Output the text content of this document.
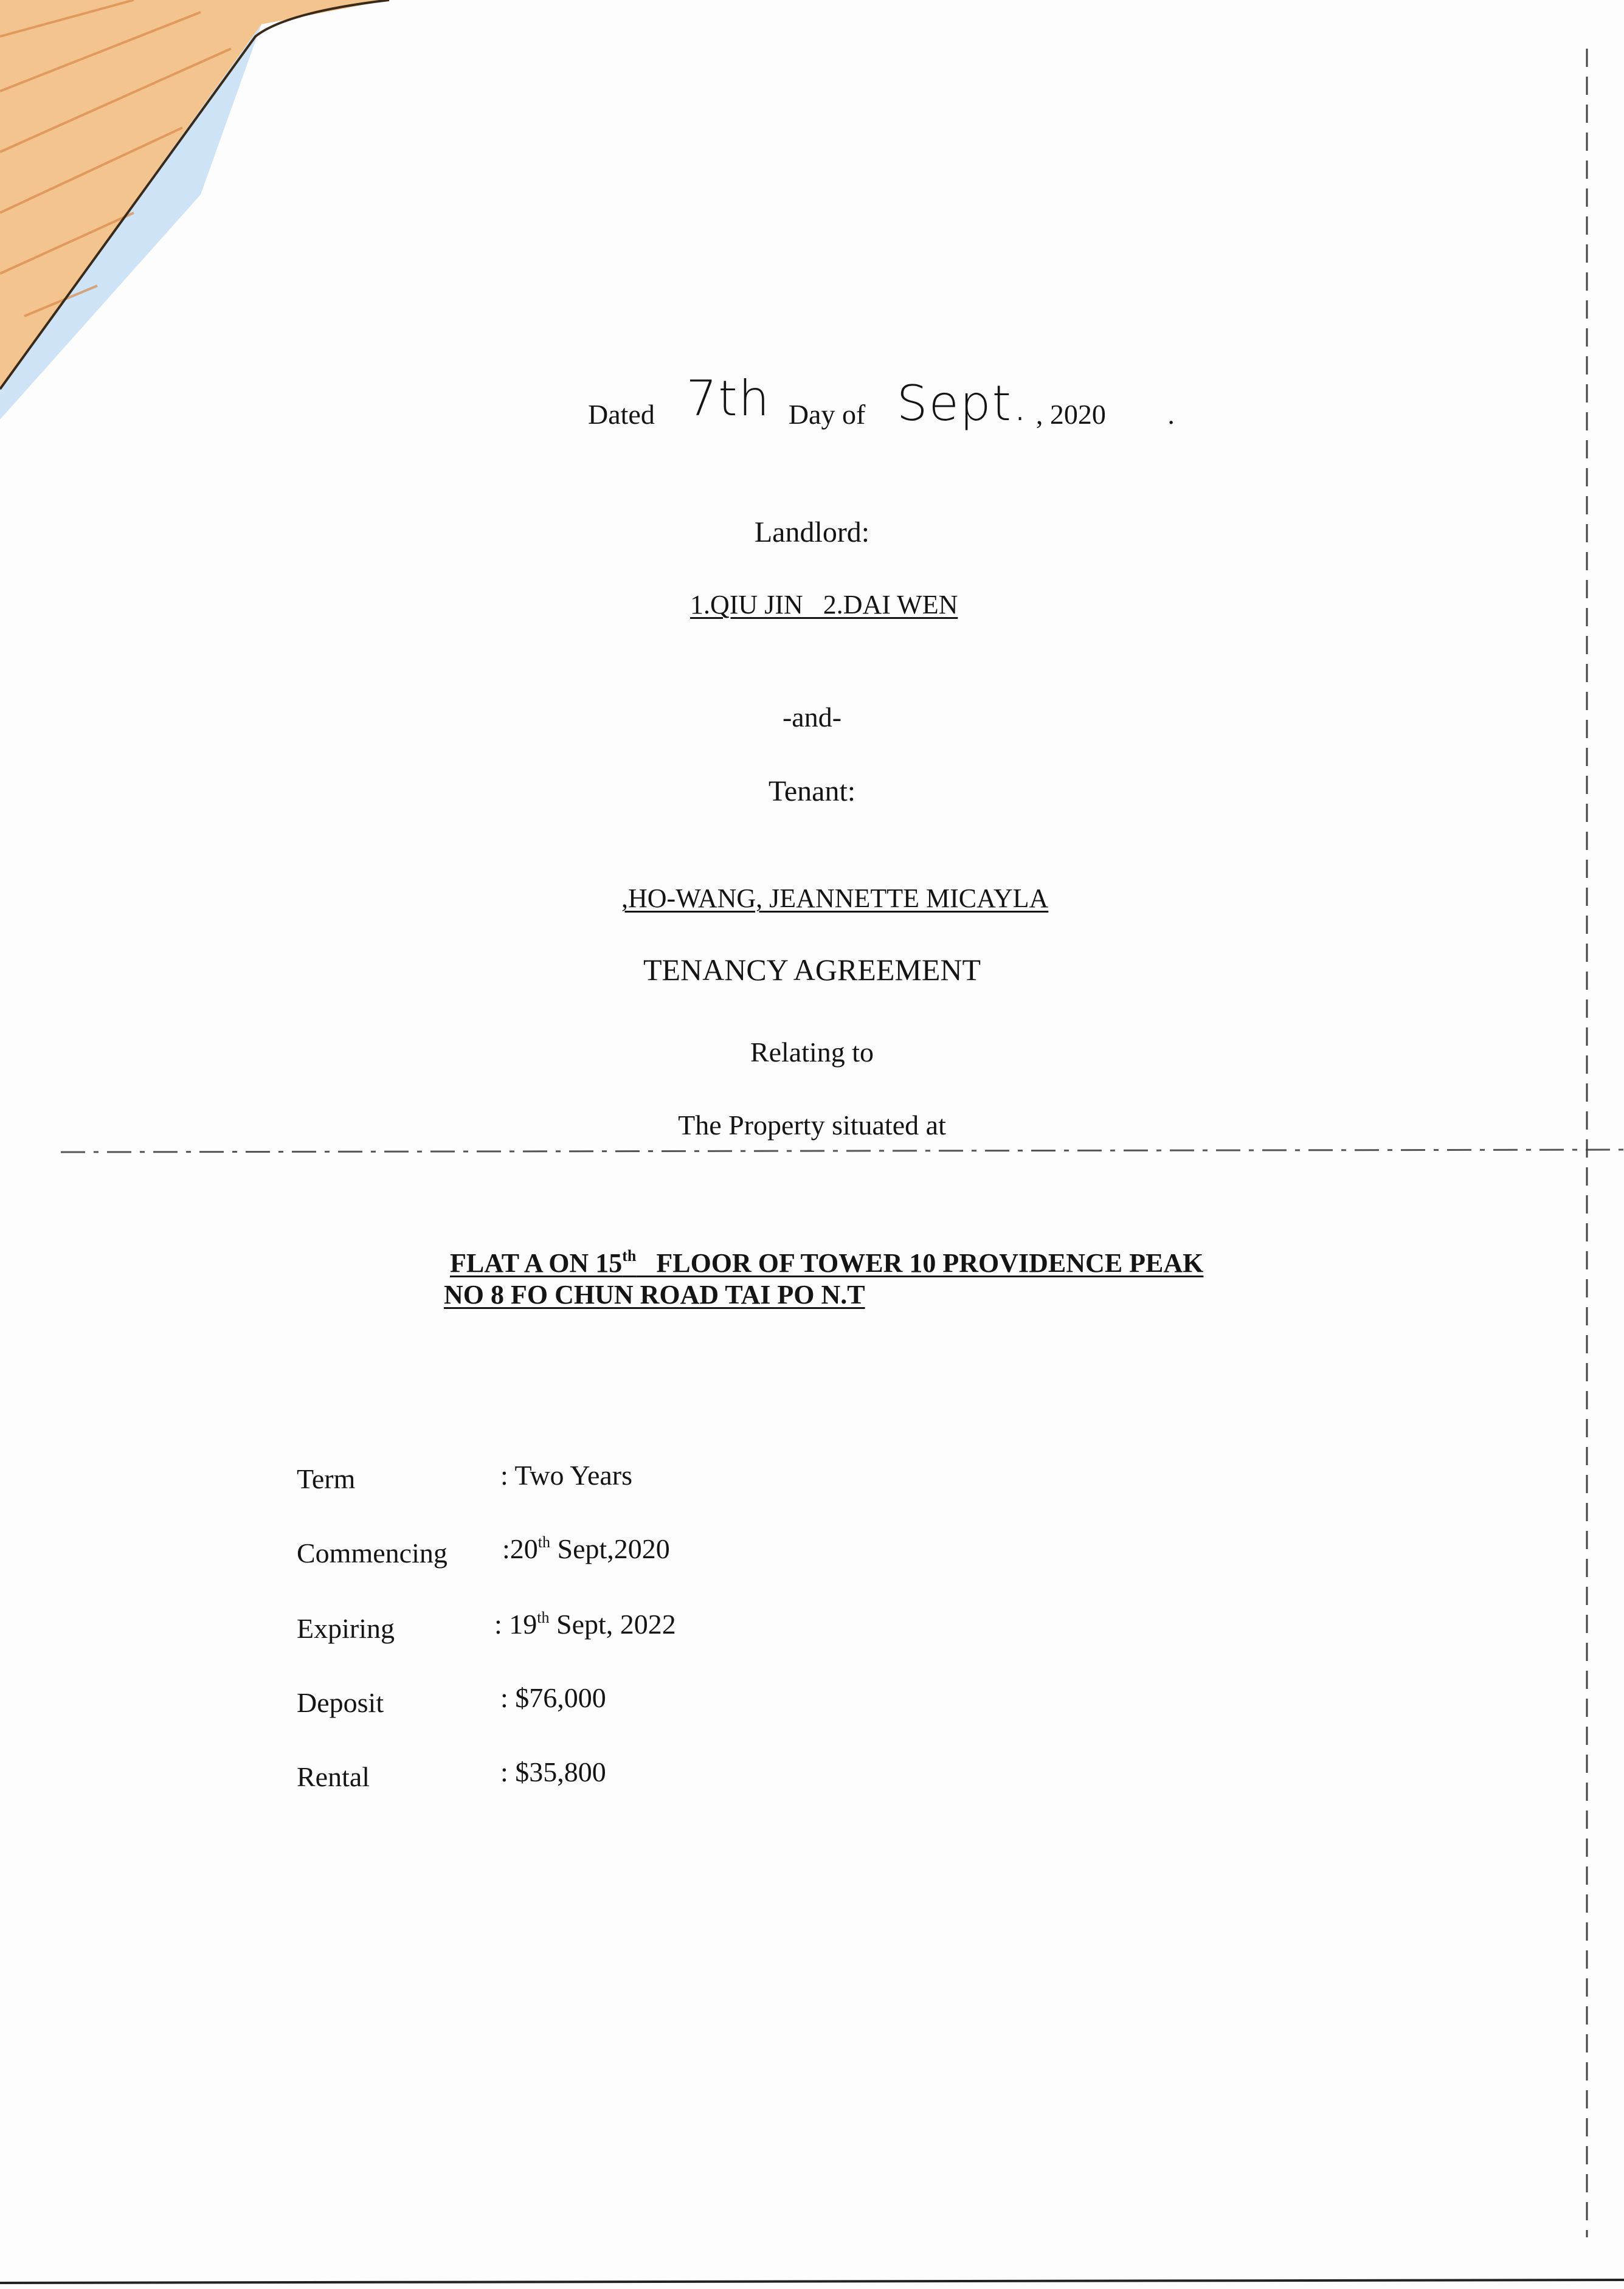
Dated 7th Day of Sept. , 2020 .
Landlord:
1.QIU JIN   2.DAI WEN
-and-
Tenant:
,HO-WANG, JEANNETTE MICAYLA
TENANCY AGREEMENT
Relating to
The Property situated at
FLAT A ON 15th   FLOOR OF TOWER 10 PROVIDENCE PEAK
NO 8 FO CHUN ROAD TAI PO N.T
Term	: Two Years
Commencing :20th Sept,2020
Expiring	: 19th Sept, 2022
Deposit	: $76,000
Rental	: $35,800
